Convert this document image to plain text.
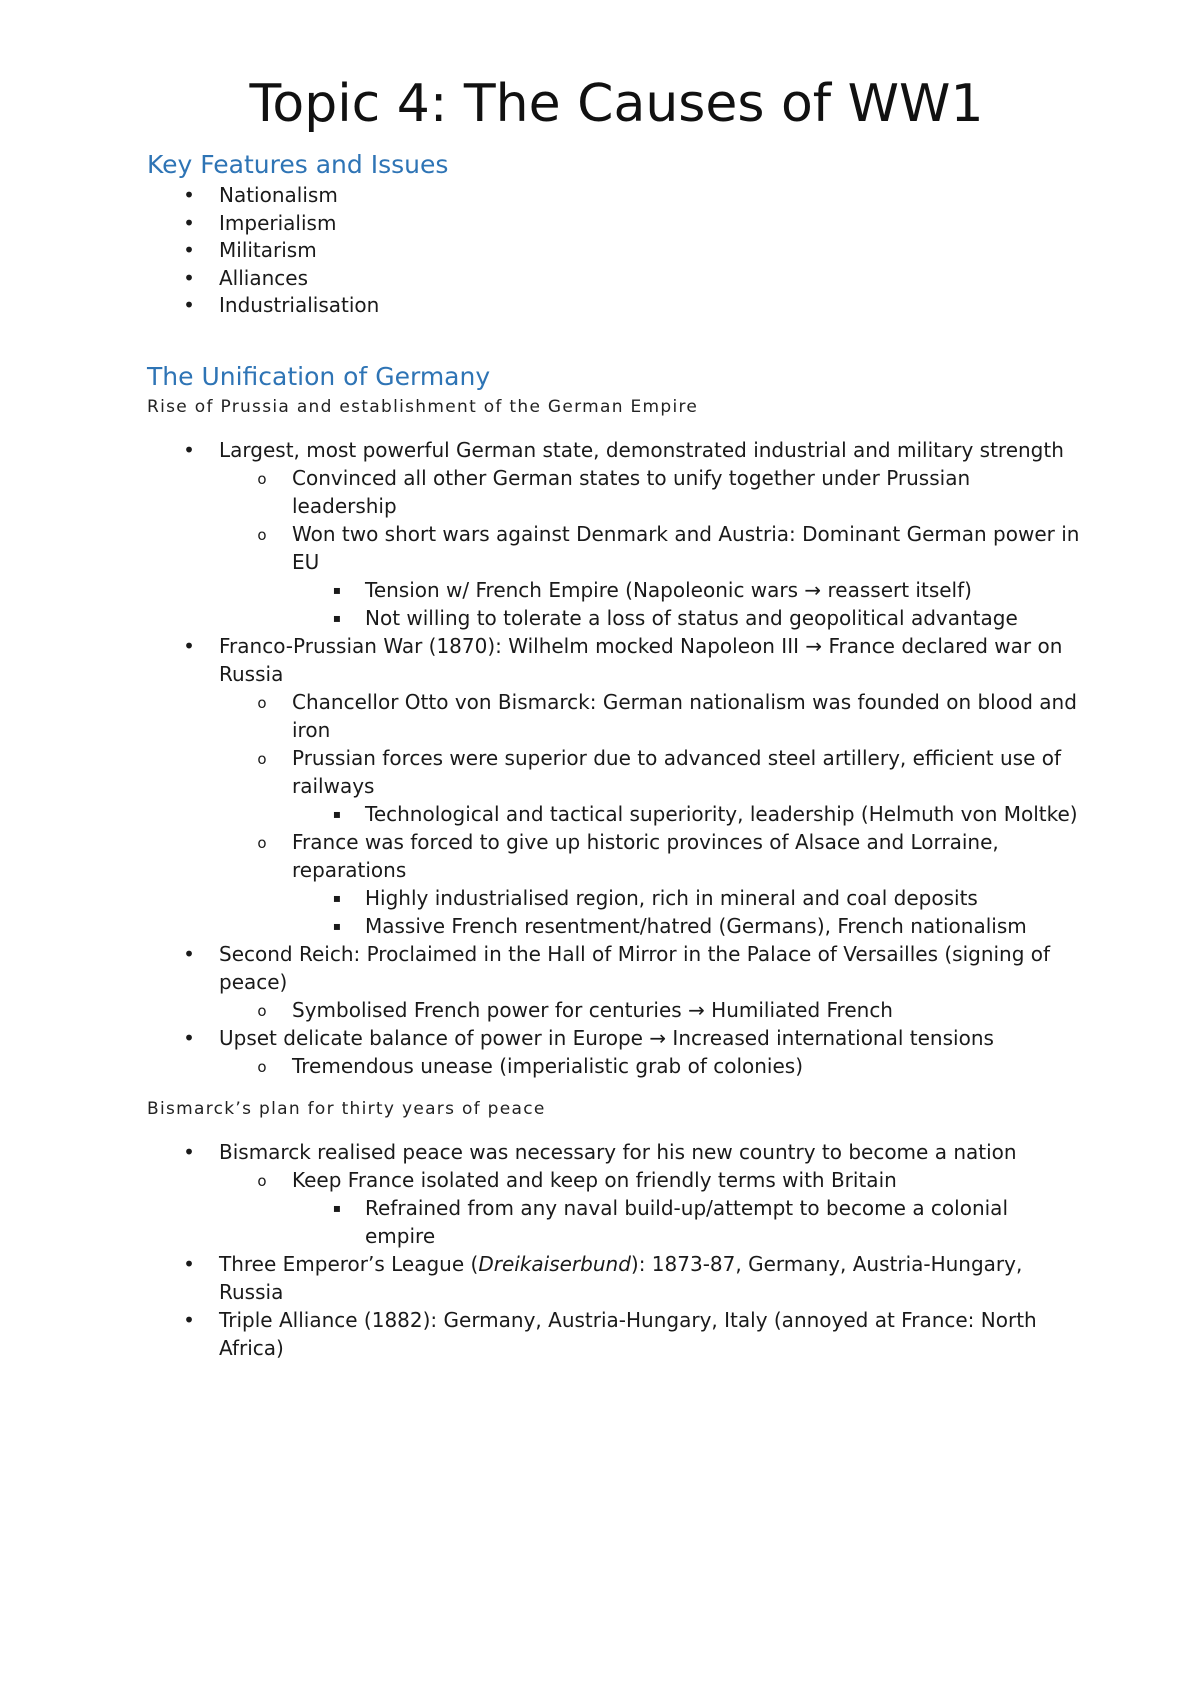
Topic 4: The Causes of WW1
Key Features and Issues
• Nationalism
• Imperialism
• Militarism
• Alliances
• Industrialisation
The Unification of Germany

Rise of Prussia and establishment of the German Empire

• Largest, most powerful German state, demonstrated industrial and military strength
o Convinced all other German states to unify together under Prussian leadership
o Won two short wars against Denmark and Austria: Dominant German power in EU
▪ Tension w/ French Empire (Napoleonic wars → reassert itself)
▪ Not willing to tolerate a loss of status and geopolitical advantage
• Franco-Prussian War (1870): Wilhelm mocked Napoleon III → France declared war on Russia
o Chancellor Otto von Bismarck: German nationalism was founded on blood and iron
o Prussian forces were superior due to advanced steel artillery, efficient use of railways
▪ Technological and tactical superiority, leadership (Helmuth von Moltke)
o France was forced to give up historic provinces of Alsace and Lorraine, reparations
▪ Highly industrialised region, rich in mineral and coal deposits
▪ Massive French resentment/hatred (Germans), French nationalism
• Second Reich: Proclaimed in the Hall of Mirror in the Palace of Versailles (signing of peace)
o Symbolised French power for centuries → Humiliated French
• Upset delicate balance of power in Europe → Increased international tensions
o Tremendous unease (imperialistic grab of colonies)

Bismarck’s plan for thirty years of peace

• Bismarck realised peace was necessary for his new country to become a nation
o Keep France isolated and keep on friendly terms with Britain
▪ Refrained from any naval build-up/attempt to become a colonial empire
• Three Emperor’s League (Dreikaiserbund): 1873-87, Germany, Austria-Hungary, Russia
• Triple Alliance (1882): Germany, Austria-Hungary, Italy (annoyed at France: North Africa)
